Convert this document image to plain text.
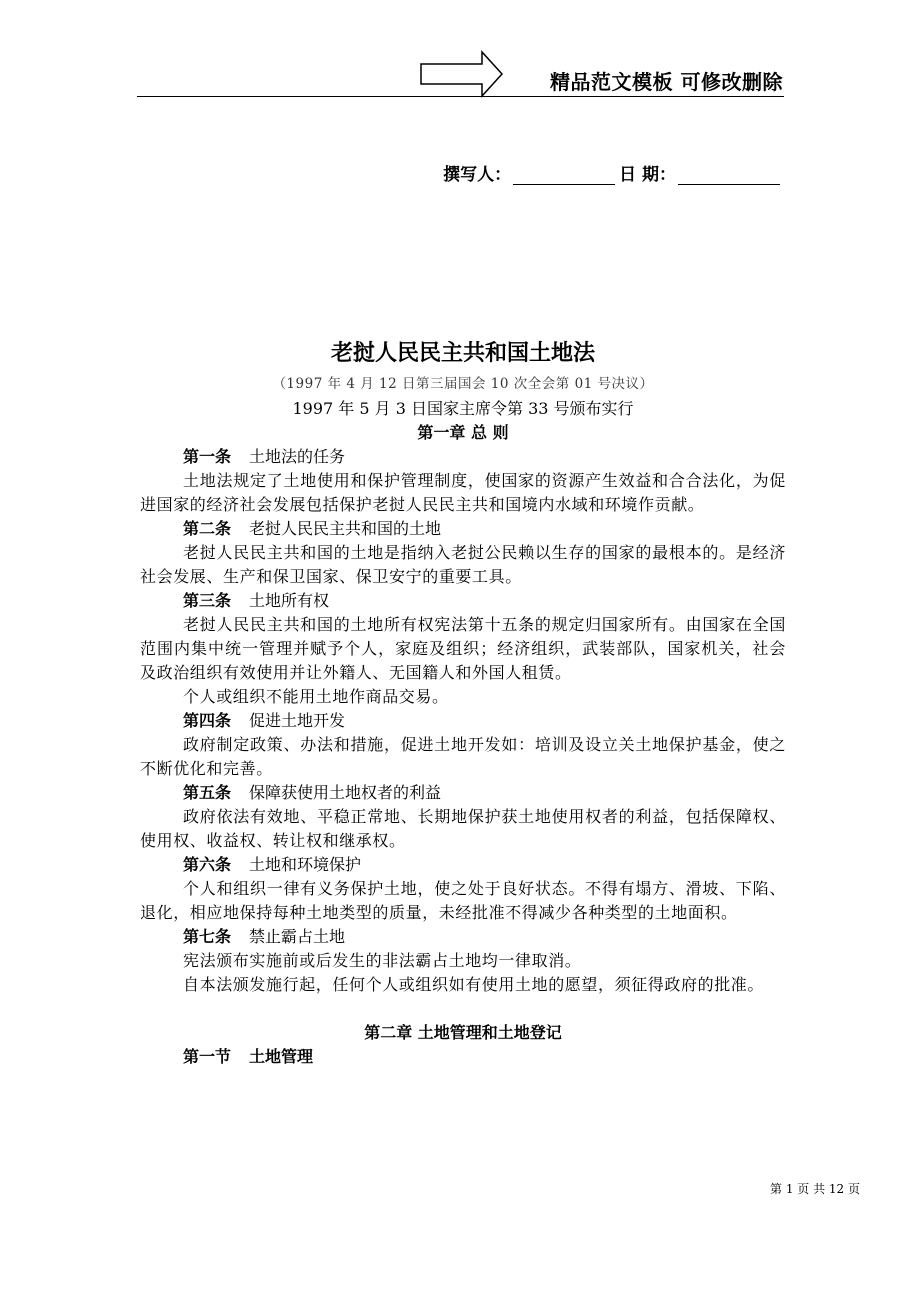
精品范文模板 可修改删除
撰写人：	日 期：
老挝人民民主共和国土地法
（1997 年 4 月 12 日第三届国会 10 次全会第 01 号决议）
1997 年 5 月 3 日国家主席令第 33 号颁布实行
第一章 总 则
第一条 土地法的任务

土地法规定了土地使用和保护管理制度，使国家的资源产生效益和合合法化，为促进国家的经济社会发展包括保护老挝人民民主共和国境内水域和环境作贡献。

第二条 老挝人民民主共和国的土地

老挝人民民主共和国的土地是指纳入老挝公民赖以生存的国家的最根本的。是经济社会发展、生产和保卫国家、保卫安宁的重要工具。

第三条 土地所有权

老挝人民民主共和国的土地所有权宪法第十五条的规定归国家所有。由国家在全国范围内集中统一管理并赋予个人，家庭及组织；经济组织，武装部队，国家机关，社会及政治组织有效使用并让外籍人、无国籍人和外国人租赁。

个人或组织不能用土地作商品交易。

第四条 促进土地开发

政府制定政策、办法和措施，促进土地开发如：培训及设立关土地保护基金，使之不断优化和完善。

第五条 保障获使用土地权者的利益

政府依法有效地、平稳正常地、长期地保护获土地使用权者的利益，包括保障权、使用权、收益权、转让权和继承权。

第六条 土地和环境保护

个人和组织一律有义务保护土地，使之处于良好状态。不得有塌方、滑坡、下陷、退化，相应地保持每种土地类型的质量，未经批准不得减少各种类型的土地面积。

第七条 禁止霸占土地

宪法颁布实施前或后发生的非法霸占土地均一律取消。

自本法颁发施行起，任何个人或组织如有使用土地的愿望，须征得政府的批准。

第二章 土地管理和土地登记
第一节 土地管理
第 1 页 共 12 页
